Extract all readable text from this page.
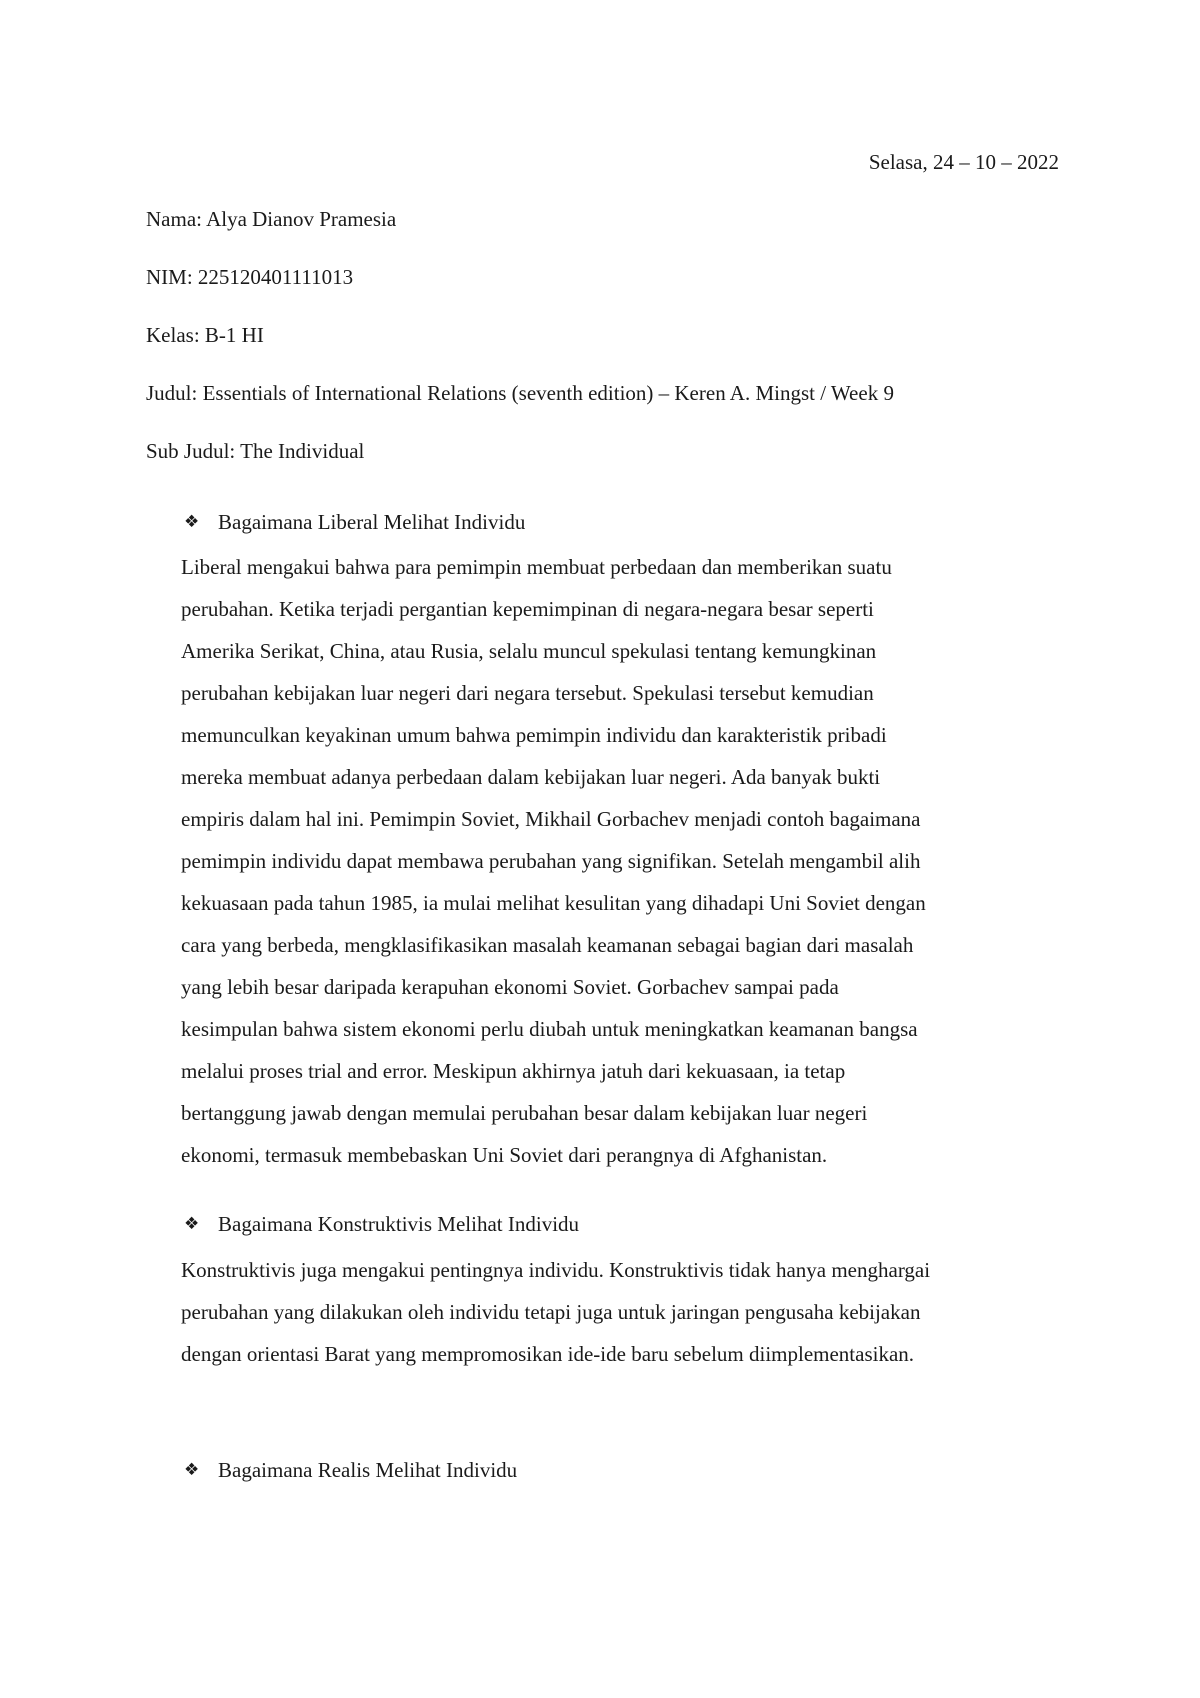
Selasa, 24 – 10 – 2022
Nama: Alya Dianov Pramesia
NIM: 225120401111013
Kelas: B-1 HI
Judul: Essentials of International Relations (seventh edition) – Keren A. Mingst / Week 9
Sub Judul: The Individual
❖ Bagaimana Liberal Melihat Individu
Liberal mengakui bahwa para pemimpin membuat perbedaan dan memberikan suatu
perubahan. Ketika terjadi pergantian kepemimpinan di negara-negara besar seperti
Amerika Serikat, China, atau Rusia, selalu muncul spekulasi tentang kemungkinan
perubahan kebijakan luar negeri dari negara tersebut. Spekulasi tersebut kemudian
memunculkan keyakinan umum bahwa pemimpin individu dan karakteristik pribadi
mereka membuat adanya perbedaan dalam kebijakan luar negeri. Ada banyak bukti
empiris dalam hal ini. Pemimpin Soviet, Mikhail Gorbachev menjadi contoh bagaimana
pemimpin individu dapat membawa perubahan yang signifikan. Setelah mengambil alih
kekuasaan pada tahun 1985, ia mulai melihat kesulitan yang dihadapi Uni Soviet dengan
cara yang berbeda, mengklasifikasikan masalah keamanan sebagai bagian dari masalah
yang lebih besar daripada kerapuhan ekonomi Soviet. Gorbachev sampai pada
kesimpulan bahwa sistem ekonomi perlu diubah untuk meningkatkan keamanan bangsa
melalui proses trial and error. Meskipun akhirnya jatuh dari kekuasaan, ia tetap
bertanggung jawab dengan memulai perubahan besar dalam kebijakan luar negeri
ekonomi, termasuk membebaskan Uni Soviet dari perangnya di Afghanistan.
❖ Bagaimana Konstruktivis Melihat Individu
Konstruktivis juga mengakui pentingnya individu. Konstruktivis tidak hanya menghargai
perubahan yang dilakukan oleh individu tetapi juga untuk jaringan pengusaha kebijakan
dengan orientasi Barat yang mempromosikan ide-ide baru sebelum diimplementasikan.
❖ Bagaimana Realis Melihat Individu
